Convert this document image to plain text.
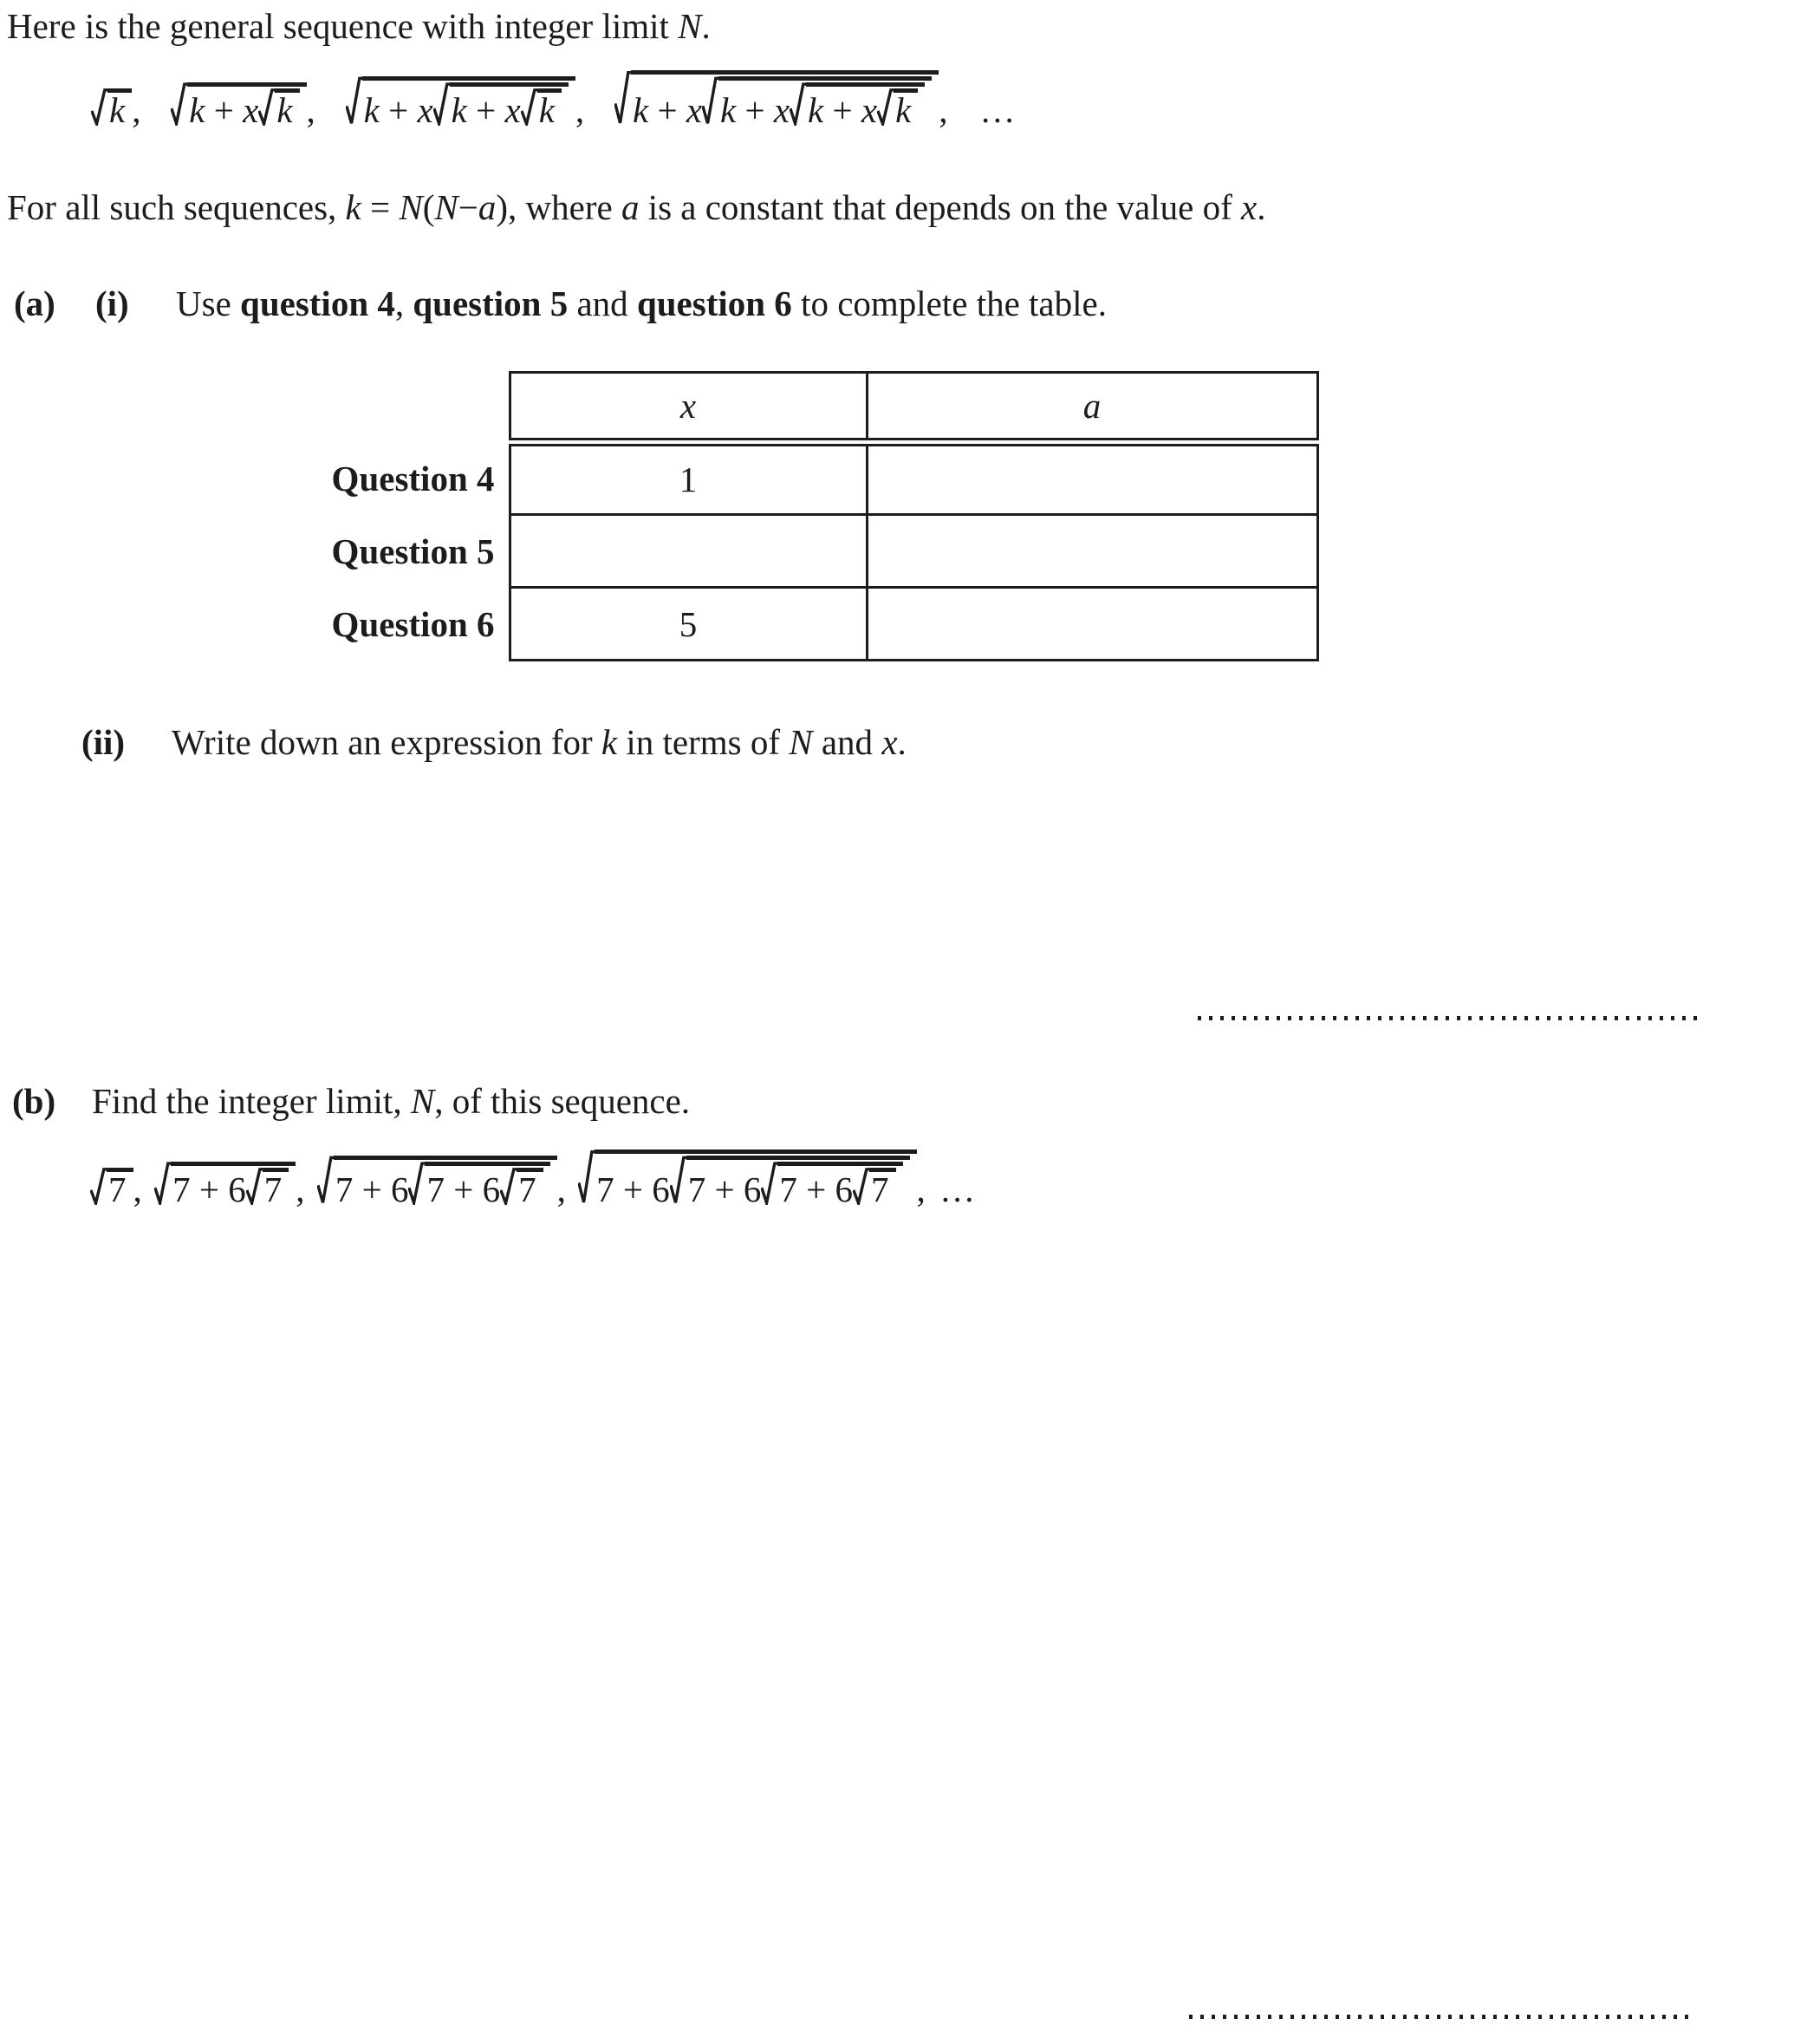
Here is the general sequence with integer limit N.

k ,	k + x k ,	k + x k + x k ,	k + x k + x k + x k , …

For all such sequences, k = N(N−a), where a is a constant that depends on the value of x.

(a) (i) Use question 4, question 5 and question 6 to complete the table.
	x	a
Question 4	1	
Question 5		
Question 6	5	
(ii) Write down an expression for k in terms of N and x.
(b) Find the integer limit, N, of this sequence.
7 , 7 + 6 7 , 7 + 6 7 + 6 7 , 7 + 6 7 + 6 7 + 6 7 , …
